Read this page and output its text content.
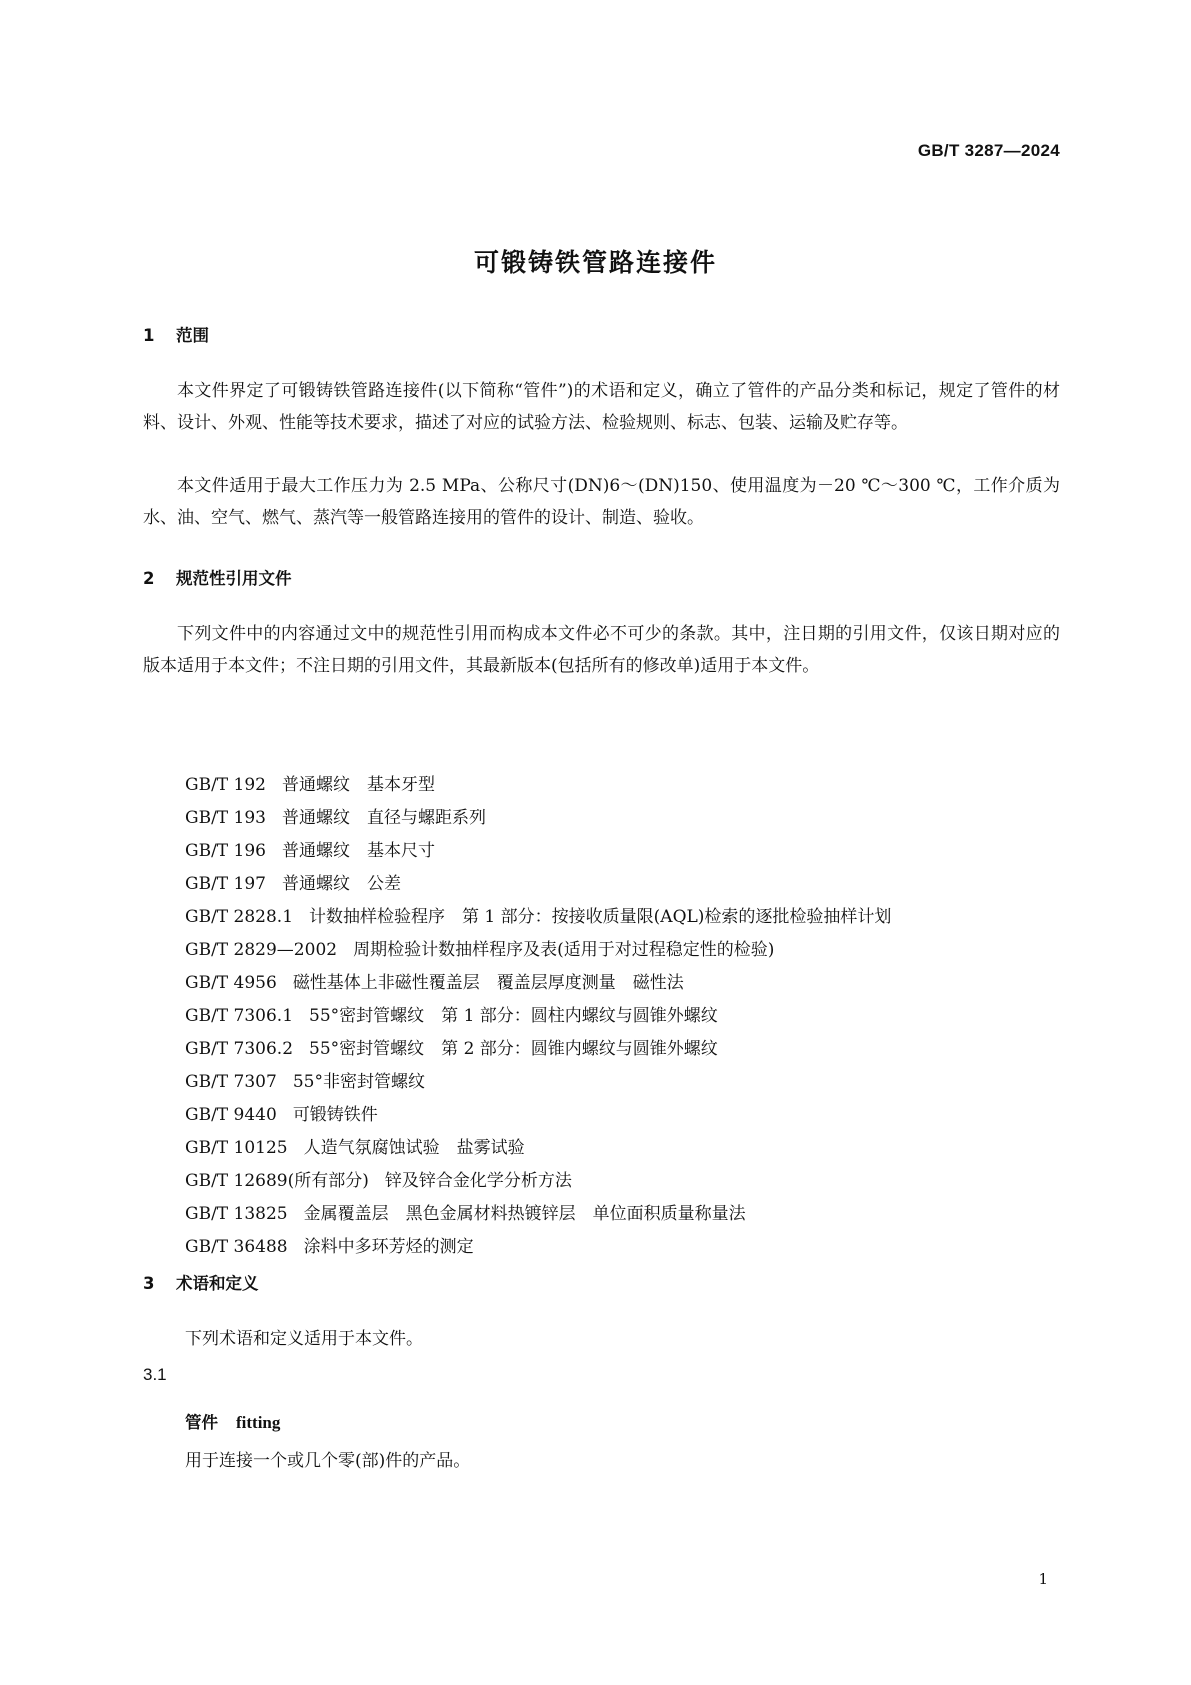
GB/T 3287—2024
可锻铸铁管路连接件
1 范围

本文件界定了可锻铸铁管路连接件(以下简称“管件”)的术语和定义，确立了管件的产品分类和标记，规定了管件的材料、设计、外观、性能等技术要求，描述了对应的试验方法、检验规则、标志、包装、运输及贮存等。

本文件适用于最大工作压力为 2.5 MPa、公称尺寸(DN)6～(DN)150、使用温度为－20 ℃～300 ℃，工作介质为水、油、空气、燃气、蒸汽等一般管路连接用的管件的设计、制造、验收。

2 规范性引用文件

下列文件中的内容通过文中的规范性引用而构成本文件必不可少的条款。其中，注日期的引用文件，仅该日期对应的版本适用于本文件；不注日期的引用文件，其最新版本(包括所有的修改单)适用于本文件。

GB/T 192 普通螺纹　基本牙型
GB/T 193 普通螺纹　直径与螺距系列
GB/T 196 普通螺纹　基本尺寸
GB/T 197 普通螺纹　公差
GB/T 2828.1 计数抽样检验程序　第 1 部分：按接收质量限(AQL)检索的逐批检验抽样计划
GB/T 2829—2002 周期检验计数抽样程序及表(适用于对过程稳定性的检验)
GB/T 4956 磁性基体上非磁性覆盖层　覆盖层厚度测量　磁性法
GB/T 7306.1 55°密封管螺纹　第 1 部分：圆柱内螺纹与圆锥外螺纹
GB/T 7306.2 55°密封管螺纹　第 2 部分：圆锥内螺纹与圆锥外螺纹
GB/T 7307 55°非密封管螺纹
GB/T 9440 可锻铸铁件
GB/T 10125 人造气氛腐蚀试验　盐雾试验
GB/T 12689(所有部分) 锌及锌合金化学分析方法
GB/T 13825 金属覆盖层　黑色金属材料热镀锌层　单位面积质量称量法
GB/T 36488 涂料中多环芳烃的测定
3 术语和定义
下列术语和定义适用于本文件。
3.1
管件 fitting
用于连接一个或几个零(部)件的产品。
1
